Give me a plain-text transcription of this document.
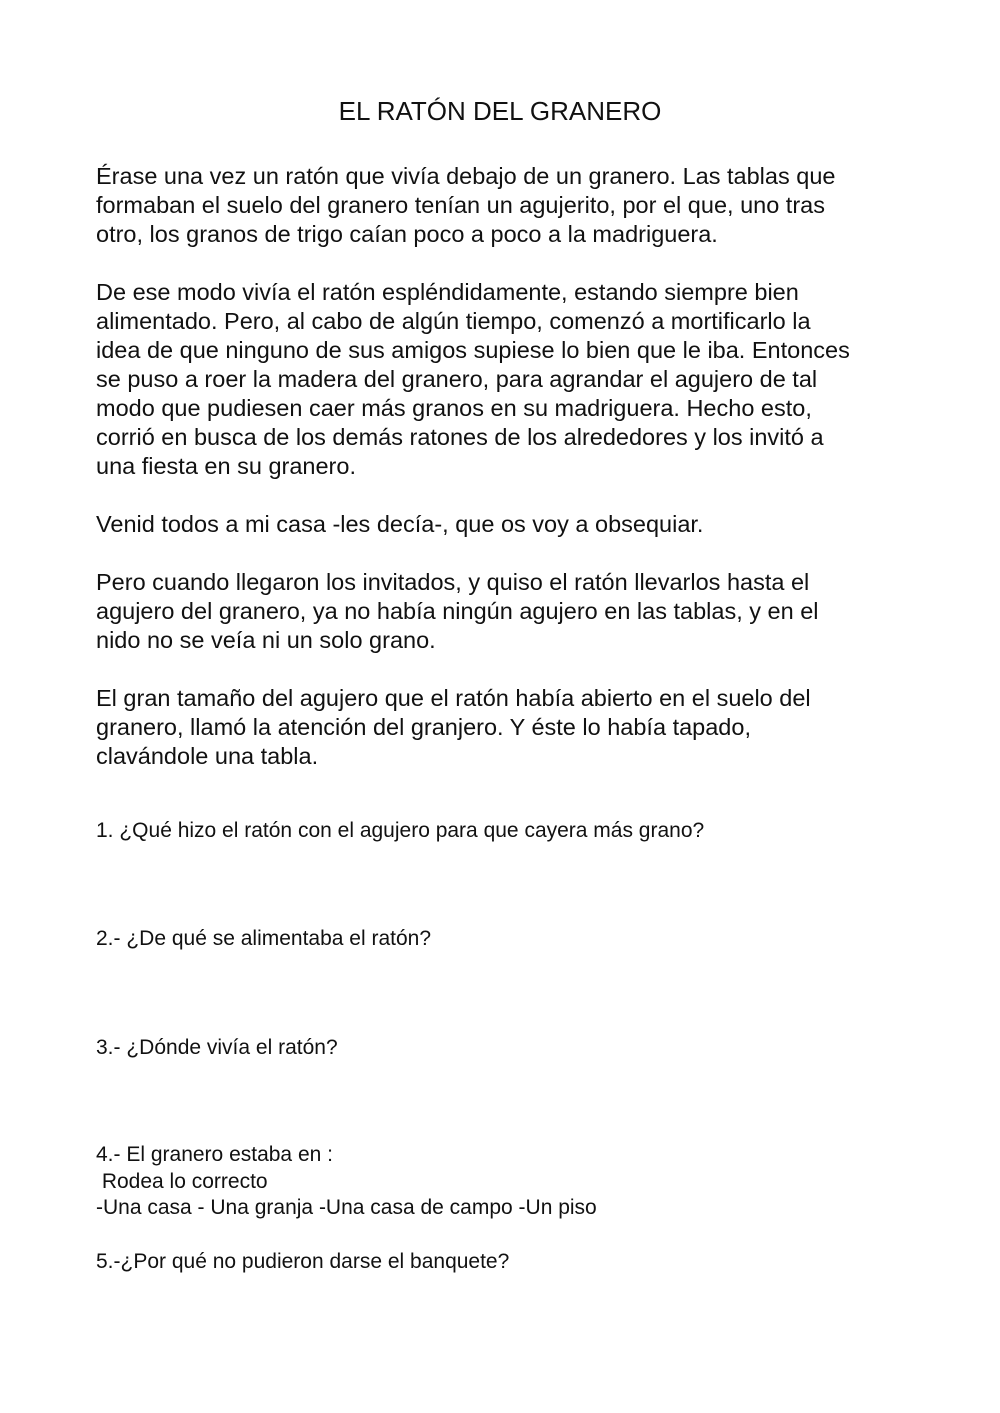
EL RATÓN DEL GRANERO
Érase una vez un ratón que vivía debajo de un granero. Las tablas que
formaban el suelo del granero tenían un agujerito, por el que, uno tras
otro, los granos de trigo caían poco a poco a la madriguera.
De ese modo vivía el ratón espléndidamente, estando siempre bien
alimentado. Pero, al cabo de algún tiempo, comenzó a mortificarlo la
idea de que ninguno de sus amigos supiese lo bien que le iba. Entonces
se puso a roer la madera del granero, para agrandar el agujero de tal
modo que pudiesen caer más granos en su madriguera. Hecho esto,
corrió en busca de los demás ratones de los alrededores y los invitó a
una fiesta en su granero.
Venid todos a mi casa -les decía-, que os voy a obsequiar.
Pero cuando llegaron los invitados, y quiso el ratón llevarlos hasta el
agujero del granero, ya no había ningún agujero en las tablas, y en el
nido no se veía ni un solo grano.
El gran tamaño del agujero que el ratón había abierto en el suelo del
granero, llamó la atención del granjero. Y éste lo había tapado,
clavándole una tabla.
1. ¿Qué hizo el ratón con el agujero para que cayera más grano?
2.- ¿De qué se alimentaba el ratón?
3.- ¿Dónde vivía el ratón?
4.- El granero estaba en :
Rodea lo correcto
-Una casa - Una granja -Una casa de campo -Un piso
5.-¿Por qué no pudieron darse el banquete?
